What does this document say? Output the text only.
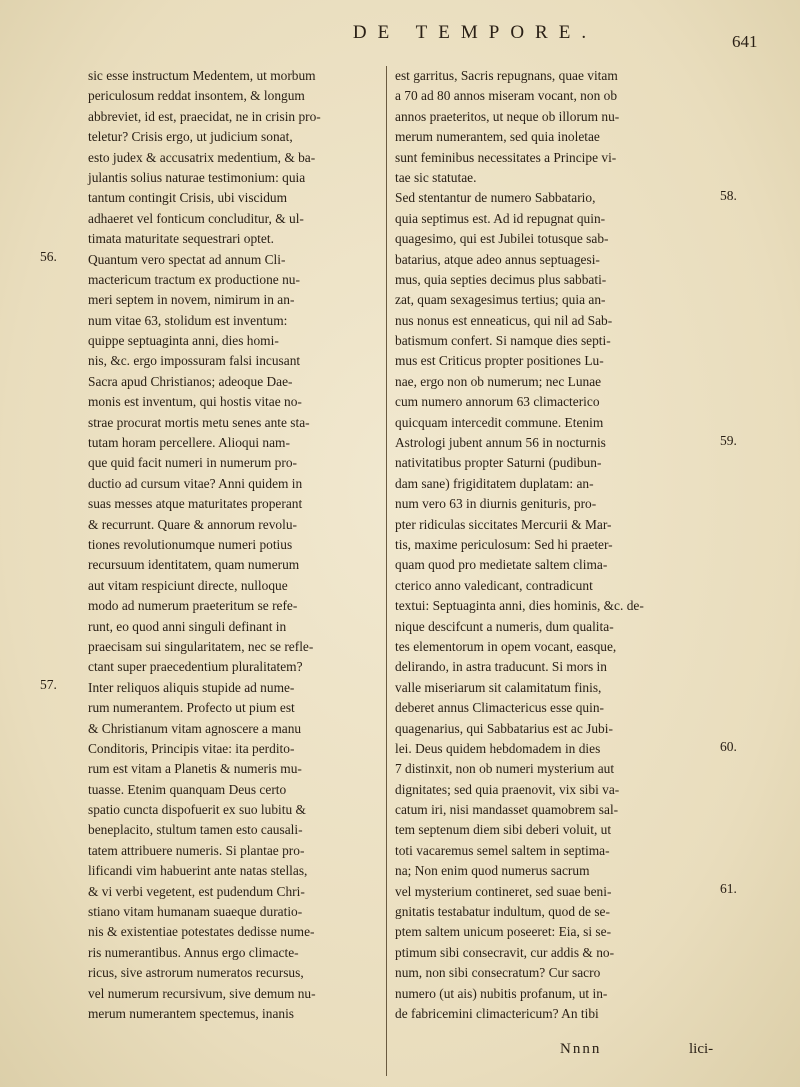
DE TEMPORE.	641
sic esse instructum Medentem, ut morbum
periculosum reddat insontem, & longum
abbreviet, id est, praecidat, ne in crisin pro-
teletur? Crisis ergo, ut judicium sonat,
esto judex & accusatrix medentium, & ba-
julantis solius naturae testimonium: quia
tantum contingit Crisis, ubi viscidum
adhaeret vel fonticum concluditur, & ul-
timata maturitate sequestrari optet.
Quantum vero spectat ad annum Cli-
mactericum tractum ex productione nu-
meri septem in novem, nimirum in an-
num vitae 63, stolidum est inventum:
quippe septuaginta anni, dies homi-
nis, &c. ergo impossuram falsi incusant
Sacra apud Christianos; adeoque Dae-
monis est inventum, qui hostis vitae no-
strae procurat mortis metu senes ante sta-
tutam horam percellere. Alioqui nam-
que quid facit numeri in numerum pro-
ductio ad cursum vitae? Anni quidem in
suas messes atque maturitates properant
& recurrunt. Quare & annorum revolu-
tiones revolutionumque numeri potius
recursuum identitatem, quam numerum
aut vitam respiciunt directe, nulloque
modo ad numerum praeteritum se refe-
runt, eo quod anni singuli definant in
praecisam sui singularitatem, nec se refle-
ctant super praecedentium pluralitatem?
Inter reliquos aliquis stupide ad nume-
rum numerantem. Profecto ut pium est
& Christianum vitam agnoscere a manu
Conditoris, Principis vitae: ita perdito-
rum est vitam a Planetis & numeris mu-
tuasse. Etenim quanquam Deus certo
spatio cuncta dispofuerit ex suo lubitu &
beneplacito, stultum tamen esto causali-
tatem attribuere numeris. Si plantae pro-
lificandi vim habuerint ante natas stellas,
& vi verbi vegetent, est pudendum Chri-
stiano vitam humanam suaeque duratio-
nis & existentiae potestates dedisse nume-
ris numerantibus. Annus ergo climacte-
ricus, sive astrorum numeratos recursus,
vel numerum recursivum, sive demum nu-
merum numerantem spectemus, inanis
est garritus, Sacris repugnans, quae vitam
a 70 ad 80 annos miseram vocant, non ob
annos praeteritos, ut neque ob illorum nu-
merum numerantem, sed quia inoletae
sunt feminibus necessitates a Principe vi-
tae sic statutae.
Sed stentantur de numero Sabbatario,
quia septimus est. Ad id repugnat quin-
quagesimo, qui est Jubilei totusque sab-
batarius, atque adeo annus septuagesi-
mus, quia septies decimus plus sabbati-
zat, quam sexagesimus tertius; quia an-
nus nonus est enneaticus, qui nil ad Sab-
batismum confert. Si namque dies septi-
mus est Criticus propter positiones Lu-
nae, ergo non ob numerum; nec Lunae
cum numero annorum 63 climacterico
quicquam intercedit commune. Etenim
Astrologi jubent annum 56 in nocturnis
nativitatibus propter Saturni (pudibun-
dam sane) frigiditatem duplatam: an-
num vero 63 in diurnis genituris, pro-
pter ridiculas siccitates Mercurii & Mar-
tis, maxime periculosum: Sed hi praeter-
quam quod pro medietate saltem clima-
cterico anno valedicant, contradicunt
textui: Septuaginta anni, dies hominis, &c. de-
nique descifcunt a numeris, dum qualita-
tes elementorum in opem vocant, easque,
delirando, in astra traducunt. Si mors in
valle miseriarum sit calamitatum finis,
deberet annus Climactericus esse quin-
quagenarius, qui Sabbatarius est ac Jubi-
lei. Deus quidem hebdomadem in dies
7 distinxit, non ob numeri mysterium aut
dignitates; sed quia praenovit, vix sibi va-
catum iri, nisi mandasset quamobrem sal-
tem septenum diem sibi deberi voluit, ut
toti vacaremus semel saltem in septima-
na; Non enim quod numerus sacrum
vel mysterium contineret, sed suae beni-
gnitatis testabatur indultum, quod de se-
ptem saltem unicum poseeret: Eia, si se-
ptimum sibi consecravit, cur addis & no-
num, non sibi consecratum? Cur sacro
numero (ut ais) nubitis profanum, ut in-
de fabricemini climactericum? An tibi
56.
57.
58.
59.
60.
61.
Nnnn	lici-
